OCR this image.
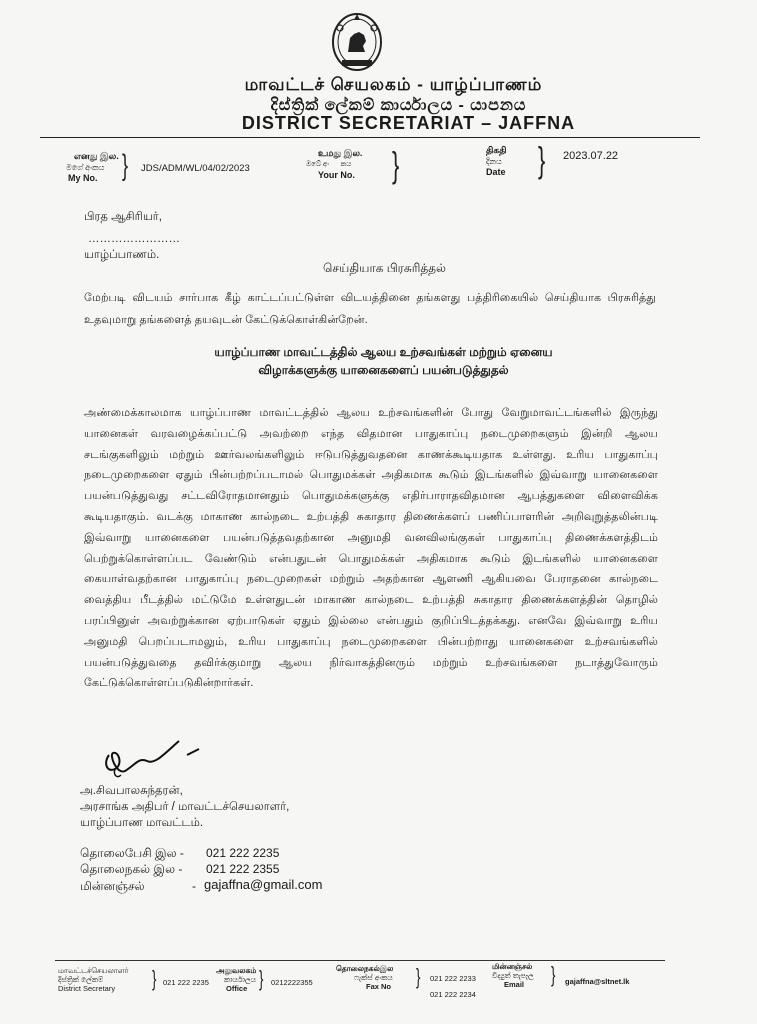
மாவட்டச் செயலகம் - யாழ்ப்பாணம்
දිස්ත්‍රික් ලේකම් කාර්යාලය - යාපනය
DISTRICT SECRETARIAT – JAFFNA
எனது இல.
මගේ අංකය
My No. } JDS/ADM/WL/04/02/2023
உமது இல.
ඔබේ අං      කය
Your No. }	திகதி
දිනය
Date } 2023.07.22
பிரத ஆசிரியர்,
……………………
யாழ்ப்பாணம்.
செய்தியாக பிரசுரித்தல்
மேற்படி விடயம் சார்பாக கீழ் காட்டப்பட்டுள்ள விடயத்தினை தங்களது பத்திரிகையில் செய்தியாக பிரசுரித்து உதவுமாறு தங்களைத் தயவுடன் கேட்டுக்கொள்கின்றேன்.
யாழ்ப்பாண மாவட்டத்தில் ஆலய உற்சவங்கள் மற்றும் ஏனைய
விழாக்களுக்கு யானைகளைப் பயன்படுத்துதல்
அண்மைக்காலமாக யாழ்ப்பாண மாவட்டத்தில் ஆலய உற்சவங்களின் போது வேறுமாவட்டங்களில் இருந்து யானைகள் வரவழைக்கப்பட்டு அவற்றை எந்த விதமான பாதுகாப்பு நடைமுறைகளும் இன்றி ஆலய சடங்குகளிலும் மற்றும் ஊர்வலங்களிலும் ஈடுபடுத்துவதனை காணக்கூடியதாக உள்ளது. உரிய பாதுகாப்பு நடைமுறைகளை ஏதும் பின்பற்றப்படாமல் பொதுமக்கள் அதிகமாக கூடும் இடங்களில் இவ்வாறு யானைகளை பயன்படுத்துவது சட்டவிரோதமானதும் பொதுமக்களுக்கு எதிர்பாராதவிதமான ஆபத்துகளை விளைவிக்க கூடியதாகும். வடக்கு மாகாண கால்நடை உற்பத்தி சுகாதார திணைக்களப் பணிப்பாளரின் அறிவுறுத்தலின்படி இவ்வாறு யானைகளை பயன்படுத்தவதற்கான அனுமதி வனவிலங்குகள் பாதுகாப்பு திணைக்களத்திடம் பெற்றுக்கொள்ளப்பட வேண்டும் என்பதுடன் பொதுமக்கள் அதிகமாக கூடும் இடங்களில் யானைகளை கையாள்வதற்கான பாதுகாப்பு நடைமுறைகள் மற்றும் அதற்கான ஆளணி ஆகியவை பேராதனை கால்நடை வைத்திய பீடத்தில் மட்டுமே உள்ளதுடன் மாகாண கால்நடை உற்பத்தி சுகாதார திணைக்களத்தின் தொழில் பரப்பினுள் அவற்றுக்கான ஏற்பாடுகள் ஏதும் இல்லை என்பதும் குறிப்பிடத்தக்கது. எனவே இவ்வாறு உரிய அனுமதி பெறப்படாமலும், உரிய பாதுகாப்பு நடைமுறைகளை பின்பற்றாது யானைகளை உற்சவங்களில் பயன்படுத்துவதை தவிர்க்குமாறு ஆலய நிர்வாகத்தினரும் மற்றும் உற்சவங்களை நடாத்துவோரும் கேட்டுக்கொள்ளப்படுகின்றார்கள்.
அ.சிவபாலசுந்தரன்,
அரசாங்க அதிபர் / மாவட்டச்செயலாளர்,
யாழ்ப்பாண மாவட்டம்.
தொலைபேசி இல - 021 222 2235
தொலைநகல் இல - 021 222 2355
மின்னஞ்சல்	- gajaffna@gmail.com
மாவட்டச்செயலாளர்
දිස්ත්‍රික් ලේකම්
District Secretary	} 021 222 2235
அலுவலகம்
කාර්යාලය
Office } 0212222355
தொலைநகல்இல
ෆැක්ස් අංකය
Fax No } 021 222 2233
021 222 2234
மின்னஞ்சல்
විද්‍යුත් තැපෑල
Email	} gajaffna@sltnet.lk
